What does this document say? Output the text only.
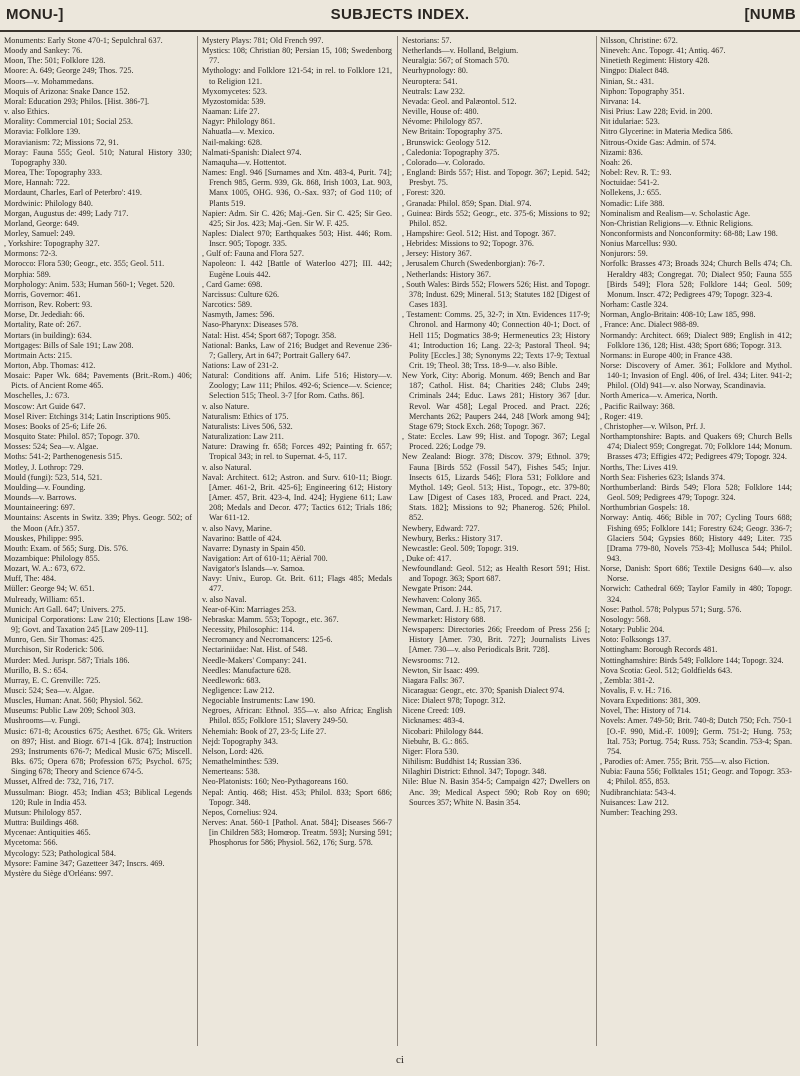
MONU-]	SUBJECTS INDEX.	[NUMB

Monuments: Early Stone 470-1; Sepulchral 637.

Moody and Sankey: 76.

Moon, The: 501; Folklore 128.

Moore: A. 649; George 249; Thos. 725.

Moors—v. Mohammedans.

Moquis of Arizona: Snake Dance 152.

Moral: Education 293; Philos. [Hist. 386-7].

v. also Ethics.

Morality: Commercial 101; Social 253.

Moravia: Folklore 139.

Moravianism: 72; Missions 72, 91.

Moray: Fauna 555; Geol. 510; Natural History 330; Topography 330.

Morea, The: Topography 333.

More, Hannah: 722.

Mordaunt, Charles, Earl of Peterbro': 419.

Mordwinic: Philology 840.

Morgan, Augustus de: 499; Lady 717.

Morland, George: 649.

Morley, Samuel: 249.

, Yorkshire: Topography 327.

Mormons: 72-3.

Morocco: Flora 530; Geogr., etc. 355; Geol. 511.

Morphia: 589.

Morphology: Anim. 533; Human 560-1; Veget. 520.

Morris, Governor: 461.

Morrison, Rev. Robert: 93.

Morse, Dr. Jedediah: 66.

Mortality, Rate of: 267.

Mortars (in building): 634.

Mortgages: Bills of Sale 191; Law 208.

Mortmain Acts: 215.

Morton, Abp. Thomas: 412.

Mosaic: Paper Wk. 684; Pavements (Brit.-Rom.) 406; Picts. of Ancient Rome 465.

Moschelles, J.: 673.

Moscow: Art Guide 647.

Mosel River: Etchings 314; Latin Inscriptions 905.

Moses: Books of 25-6; Life 26.

Mosquito State: Philol. 857; Topogr. 370.

Mosses: 524; Sea—v. Algae.

Moths: 541-2; Parthenogenesis 515.

Motley, J. Lothrop: 729.

Mould (fungi): 523, 514, 521.

Moulding—v. Founding.

Mounds—v. Barrows.

Mountaineering: 697.

Mountains: Ascents in Switz. 339; Phys. Geogr. 502; of the Moon (Afr.) 357.

Mouskes, Philippe: 995.

Mouth: Exam. of 565; Surg. Dis. 576.

Mozambique: Philology 855.

Mozart, W. A.: 673, 672.

Muff, The: 484.

Müller: George 94; W. 651.

Mulready, William: 651.

Munich: Art Gall. 647; Univers. 275.

Municipal Corporations: Law 210; Elections [Law 198-9]; Govt. and Taxation 245 [Law 209-11].

Munro, Gen. Sir Thomas: 425.

Murchison, Sir Roderick: 506.

Murder: Med. Jurispr. 587; Trials 186.

Murillo, B. S.: 654.

Murray, E. C. Grenville: 725.

Musci: 524; Sea—v. Algae.

Muscles, Human: Anat. 560; Physiol. 562.

Museums: Public Law 209; School 303.

Mushrooms—v. Fungi.

Music: 671-8; Acoustics 675; Aesthet. 675; Gk. Writers on 897; Hist. and Biogr. 671-4 [Gk. 874]; Instruction 293; Instruments 676-7; Medical Music 675; Miscell. Bks. 675; Opera 678; Profession 675; Psychol. 675; Singing 678; Theory and Science 674-5.

Musset, Alfred de: 732, 716, 717.

Mussulman: Biogr. 453; Indian 453; Biblical Legends 120; Rule in India 453.

Mutsun: Philology 857.

Muttra: Buildings 468.

Mycenae: Antiquities 465.

Mycetoma: 566.

Mycology: 523; Pathological 584.

Mysore: Famine 347; Gazetteer 347; Inscrs. 469.

Mystère du Siège d'Orléans: 997.

Mystery Plays: 781; Old French 997.

Mystics: 108; Christian 80; Persian 15, 108; Swedenborg 77.

Mythology: and Folklore 121-54; in rel. to Folklore 121, to Religion 121.

Myxomycetes: 523.

Myzostomida: 539.

Naaman: Life 27.

Nagyr: Philology 861.

Nahuatla—v. Mexico.

Nail-making: 628.

Nalmati-Spanish: Dialect 974.

Namaquha—v. Hottentot.

Names: Engl. 946 [Surnames and Xtn. 483-4, Purit. 74]; French 985, Germ. 939, Gk. 868, Irish 1003, Lat. 903, Manx 1005, OHG. 936, O.-Sax. 937; of God 110; of Plants 519.

Napier: Adm. Sir C. 426; Maj.-Gen. Sir C. 425; Sir Geo. 425; Sir Jos. 423; Maj.-Gen. Sir W. F. 425.

Naples: Dialect 970; Earthquakes 503; Hist. 446; Rom. Inscr. 905; Topogr. 335.

, Gulf of: Fauna and Flora 527.

Napoleon: I. 442 [Battle of Waterloo 427]; III. 442; Eugène Louis 442.

, Card Game: 698.

Narcissus: Culture 626.

Narcotics: 589.

Nasmyth, James: 596.

Naso-Pharynx: Diseases 578.

Natal: Hist. 454; Sport 687; Topogr. 358.

National: Banks, Law of 216; Budget and Revenue 236-7; Gallery, Art in 647; Portrait Gallery 647.

Nations: Law of 231-2.

Natural: Conditions aff. Anim. Life 516; History—v. Zoology; Law 111; Philos. 492-6; Science—v. Science; Selection 515; Theol. 3-7 [for Rom. Caths. 86].

v. also Nature.

Naturalism: Ethics of 175.

Naturalists: Lives 506, 532.

Naturalization: Law 211.

Nature: Drawing fr. 658; Forces 492; Painting fr. 657; Tropical 343; in rel. to Supernat. 4-5, 117.

v. also Natural.

Naval: Architect. 612; Astron. and Surv. 610-11; Biogr. [Amer. 461-2, Brit. 425-6]; Engineering 612; History [Amer. 457, Brit. 423-4, Ind. 424]; Hygiene 611; Law 208; Medals and Decor. 477; Tactics 612; Trials 186; War 611-12.

v. also Navy, Marine.

Navarino: Battle of 424.

Navarre: Dynasty in Spain 450.

Navigation: Art of 610-11; Aërial 700.

Navigator's Islands—v. Samoa.

Navy: Univ., Europ. Gt. Brit. 611; Flags 485; Medals 477.

v. also Naval.

Near-of-Kin: Marriages 253.

Nebraska: Mamm. 553; Topogr., etc. 367.

Necessity, Philosophic: 114.

Necromancy and Necromancers: 125-6.

Nectariniidae: Nat. Hist. of 548.

Needle-Makers' Company: 241.

Needles: Manufacture 628.

Needlework: 683.

Negligence: Law 212.

Negociable Instruments: Law 190.

Negroes, African: Ethnol. 355—v. also Africa; English Philol. 855; Folklore 151; Slavery 249-50.

Nehemiah: Book of 27, 23-5; Life 27.

Nejd: Topography 343.

Nelson, Lord: 426.

Nemathelminthes: 539.

Nemerteans: 538.

Neo-Platonists: 160; Neo-Pythagoreans 160.

Nepal: Antiq. 468; Hist. 453; Philol. 833; Sport 686; Topogr. 348.

Nepos, Cornelius: 924.

Nerves: Anat. 560-1 [Pathol. Anat. 584]; Diseases 566-7 [in Children 583; Homœop. Treatm. 593]; Nursing 591; Phosphorus for 586; Physiol. 562, 176; Surg. 578.

Nestorians: 57.

Netherlands—v. Holland, Belgium.

Neuralgia: 567; of Stomach 570.

Neurhypnology: 80.

Neuroptera: 541.

Neutrals: Law 232.

Nevada: Geol. and Palæontol. 512.

Neville, House of: 480.

Névome: Philology 857.

New Britain: Topography 375.

, Brunswick: Geology 512.

, Caledonia: Topography 375.

, Colorado—v. Colorado.

, England: Birds 557; Hist. and Topogr. 367; Lepid. 542; Presbyt. 75.

, Forest: 320.

, Granada: Philol. 859; Span. Dial. 974.

, Guinea: Birds 552; Geogr., etc. 375-6; Missions to 92; Philol. 852.

, Hampshire: Geol. 512; Hist. and Topogr. 367.

, Hebrides: Missions to 92; Topogr. 376.

, Jersey: History 367.

, Jerusalem Church (Swedenborgian): 76-7.

, Netherlands: History 367.

, South Wales: Birds 552; Flowers 526; Hist. and Topogr. 378; Indust. 629; Mineral. 513; Statutes 182 [Digest of Cases 183].

, Testament: Comms. 25, 32-7; in Xtn. Evidences 117-9; Chronol. and Harmony 40; Connection 40-1; Doct. of Hell 115; Dogmatics 38-9; Hermeneutics 23; History 41; Introduction 16; Lang. 22-3; Pastoral Theol. 94; Polity [Eccles.] 38; Synonyms 22; Texts 17-9; Textual Crit. 19; Theol. 38; Trss. 18-9—v. also Bible.

New York, City: Aborig. Monum. 469; Bench and Bar 187; Cathol. Hist. 84; Charities 248; Clubs 249; Criminals 244; Educ. Laws 281; History 367 [dur. Revol. War 458]; Legal Proced. and Pract. 226; Merchants 262; Paupers 244, 248 [Work among 94]; Stage 679; Stock Exch. 268; Topogr. 367.

, State: Eccles. Law 99; Hist. and Topogr. 367; Legal Proced. 226; Lodge 79.

New Zealand: Biogr. 378; Discov. 379; Ethnol. 379; Fauna [Birds 552 (Fossil 547), Fishes 545; Injur. Insects 615, Lizards 546]; Flora 531; Folklore and Mythol. 149; Geol. 513; Hist., Topogr., etc. 379-80; Law [Digest of Cases 183, Proced. and Pract. 224, Stats. 182]; Missions to 92; Phanerog. 526; Philol. 852.

Newbery, Edward: 727.

Newbury, Berks.: History 317.

Newcastle: Geol. 509; Topogr. 319.

, Duke of: 417.

Newfoundland: Geol. 512; as Health Resort 591; Hist. and Topogr. 363; Sport 687.

Newgate Prison: 244.

Newhaven: Colony 365.

Newman, Card. J. H.: 85, 717.

Newmarket: History 688.

Newspapers: Directories 266; Freedom of Press 256 [; History [Amer. 730, Brit. 727]; Journalists Lives [Amer. 730—v. also Periodicals Brit. 728].

Newsrooms: 712.

Newton, Sir Isaac: 499.

Niagara Falls: 367.

Nicaragua: Geogr., etc. 370; Spanish Dialect 974.

Nice: Dialect 978; Topogr. 312.

Nicene Creed: 109.

Nicknames: 483-4.

Nicobari: Philology 844.

Niebuhr, B. G.: 865.

Niger: Flora 530.

Nihilism: Buddhist 14; Russian 336.

Nilaghiri District: Ethnol. 347; Topogr. 348.

Nile: Blue N. Basin 354-5; Campaign 427; Dwellers on Anc. 39; Medical Aspect 590; Rob Roy on 690; Sources 357; White N. Basin 354.

Nilsson, Christine: 672.

Nineveh: Anc. Topogr. 41; Antiq. 467.

Ninetieth Regiment: History 428.

Ningpo: Dialect 848.

Ninian, St.: 431.

Niphon: Topography 351.

Nirvana: 14.

Nisi Prius: Law 228; Evid. in 200.

Nit idulariae: 523.

Nitro Glycerine: in Materia Medica 586.

Nitrous-Oxide Gas: Admin. of 574.

Nizami: 836.

Noah: 26.

Nobel: Rev. R. T.: 93.

Noctuidae: 541-2.

Nollekens, J.: 655.

Nomadic: Life 388.

Nominalism and Realism—v. Scholastic Age.

Non-Christian Religions—v. Ethnic Religions.

Nonconformists and Nonconformity: 68-88; Law 198.

Nonius Marcellus: 930.

Nonjurors: 59.

Norfolk: Brasses 473; Broads 324; Church Bells 474; Ch. Heraldry 483; Congregat. 70; Dialect 950; Fauna 555 [Birds 549]; Flora 528; Folklore 144; Geol. 509; Monum. Inscr. 472; Pedigrees 479; Topogr. 323-4.

Norham: Castle 324.

Norman, Anglo-Britain: 408-10; Law 185, 998.

, France: Anc. Dialect 988-89.

Normandy: Architect. 669; Dialect 989; English in 412; Folklore 136, 128; Hist. 438; Sport 686; Topogr. 313.

Normans: in Europe 400; in France 438.

Norse: Discovery of Amer. 361; Folklore and Mythol. 140-1; Invasion of Engl. 406, of Irel. 434; Liter. 941-2; Philol. (Old) 941—v. also Norway, Scandinavia.

North America—v. America, North.

, Pacific Railway: 368.

, Roger: 419.

, Christopher—v. Wilson, Prf. J.

Northamptonshire: Bapts. and Quakers 69; Church Bells 474; Dialect 959; Congregat. 70; Folklore 144; Monum. Brasses 473; Effigies 472; Pedigrees 479; Topogr. 324.

Norths, The: Lives 419.

North Sea: Fisheries 623; Islands 374.

Northumberland: Birds 549; Flora 528; Folklore 144; Geol. 509; Pedigrees 479; Topogr. 324.

Northumbrian Gospels: 18.

Norway: Antiq. 466; Bible in 707; Cycling Tours 688; Fishing 695; Folklore 141; Forestry 624; Geogr. 336-7; Glaciers 504; Gypsies 860; History 449; Liter. 735 [Drama 779-80, Novels 753-4]; Mollusca 544; Philol. 943.

Norse, Danish: Sport 686; Textile Designs 640—v. also Norse.

Norwich: Cathedral 669; Taylor Family in 480; Topogr. 324.

Nose: Pathol. 578; Polypus 571; Surg. 576.

Nosology: 568.

Notary: Public 204.

Noto: Folksongs 137.

Nottingham: Borough Records 481.

Nottinghamshire: Birds 549; Folklore 144; Topogr. 324.

Nova Scotia: Geol. 512; Goldfields 643.

, Zembla: 381-2.

Novalis, F. v. H.: 716.

Novara Expeditions: 381, 309.

Novel, The: History of 714.

Novels: Amer. 749-50; Brit. 740-8; Dutch 750; Fch. 750-1 [O.-F. 990, Mid.-F. 1009]; Germ. 751-2; Hung. 753; Ital. 753; Portug. 754; Russ. 753; Scandin. 753-4; Span. 754.

, Parodies of: Amer. 755; Brit. 755—v. also Fiction.

Nubia: Fauna 556; Folktales 151; Geogr. and Topogr. 353-4; Philol. 855, 853.

Nudibranchiata: 543-4.

Nuisances: Law 212.

Number: Teaching 293.

ci
